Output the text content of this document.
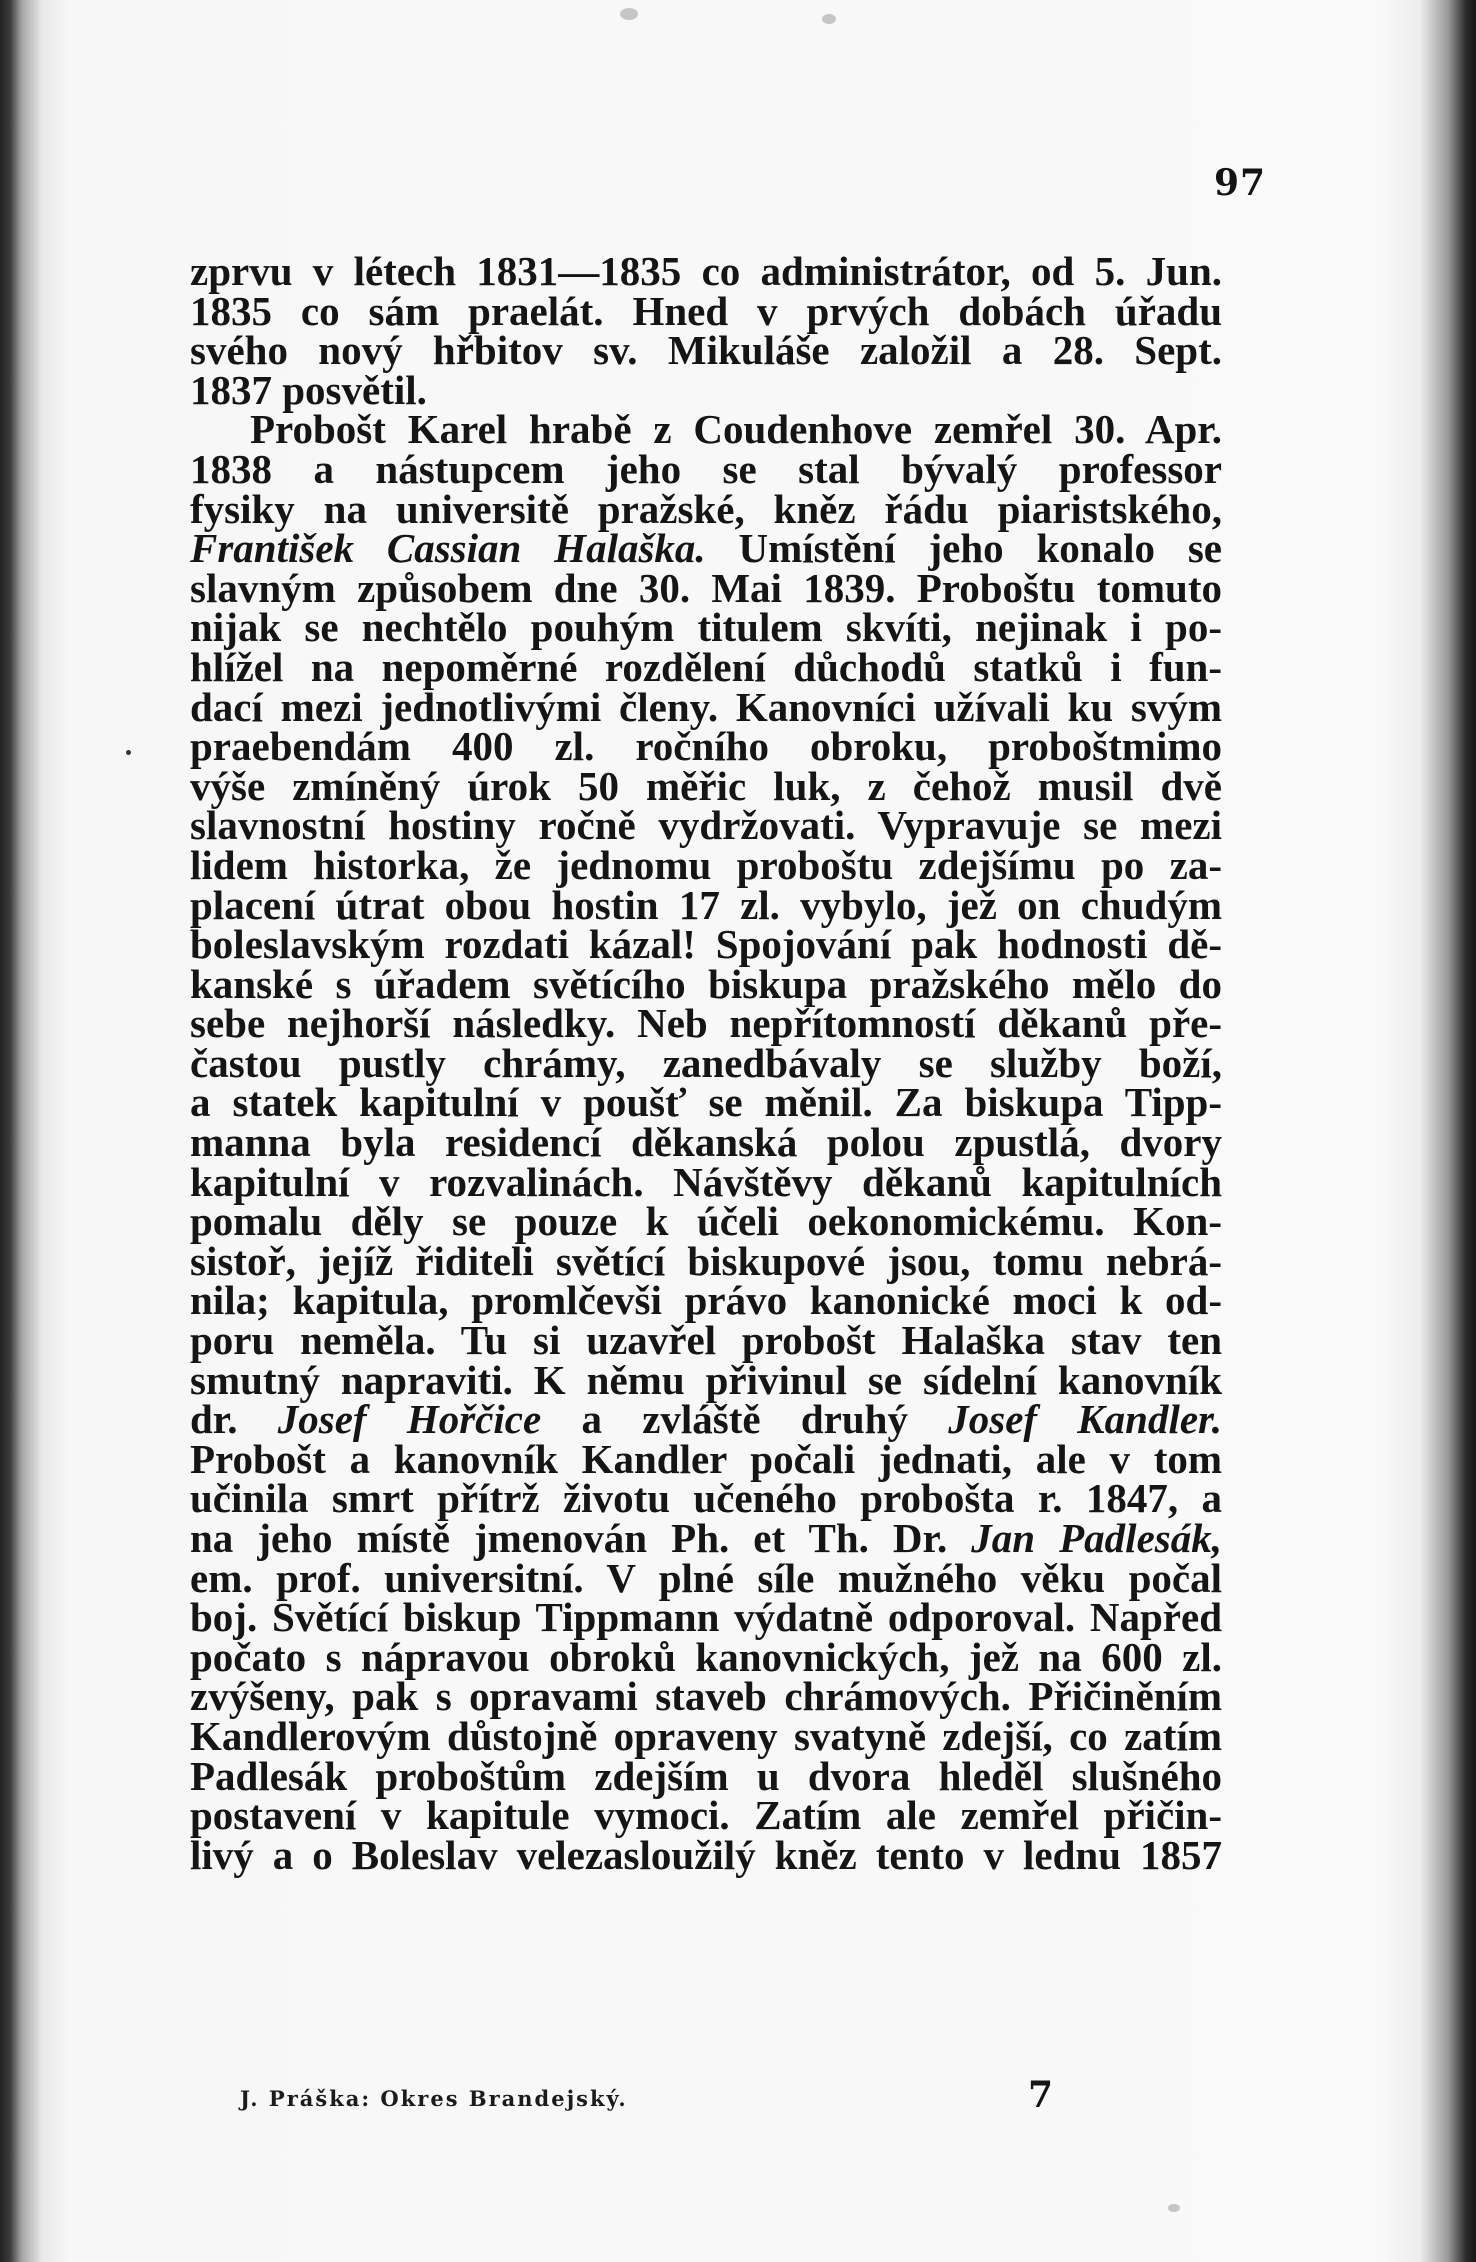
97
zprvu v létech 1831—1835 co administrátor, od 5. Jun.
1835 co sám praelát. Hned v prvých dobách úřadu
svého nový hřbitov sv. Mikuláše založil a 28. Sept.
1837 posvětil.
Probošt Karel hrabě z Coudenhove zemřel 30. Apr.
1838 a nástupcem jeho se stal bývalý professor
fysiky na universitě pražské, kněz řádu piaristského,
František Cassian Halaška. Umístění jeho konalo se
slavným způsobem dne 30. Mai 1839. Proboštu tomuto
nijak se nechtělo pouhým titulem skvíti, nejinak i po-
hlížel na nepoměrné rozdělení důchodů statků i fun-
dací mezi jednotlivými členy. Kanovníci užívali ku svým
praebendám 400 zl. ročního obroku, proboštmimo
výše zmíněný úrok 50 měřic luk, z čehož musil dvě
slavnostní hostiny ročně vydržovati. Vypravuje se mezi
lidem historka, že jednomu proboštu zdejšímu po za-
placení útrat obou hostin 17 zl. vybylo, jež on chudým
boleslavským rozdati kázal! Spojování pak hodnosti dě-
kanské s úřadem světícího biskupa pražského mělo do
sebe nejhorší následky. Neb nepřítomností děkanů pře-
častou pustly chrámy, zanedbávaly se služby boží,
a statek kapitulní v poušť se měnil. Za biskupa Tipp-
manna byla residencí děkanská polou zpustlá, dvory
kapitulní v rozvalinách. Návštěvy děkanů kapitulních
pomalu děly se pouze k účeli oekonomickému. Kon-
sistoř, jejíž řiditeli světící biskupové jsou, tomu nebrá-
nila; kapitula, promlčevši právo kanonické moci k od-
poru neměla. Tu si uzavřel probošt Halaška stav ten
smutný napraviti. K němu přivinul se sídelní kanovník
dr. Josef Hořčice a zvláště druhý Josef Kandler.
Probošt a kanovník Kandler počali jednati, ale v tom
učinila smrt přítrž životu učeného probošta r. 1847, a
na jeho místě jmenován Ph. et Th. Dr. Jan Padlesák,
em. prof. universitní. V plné síle mužného věku počal
boj. Světící biskup Tippmann výdatně odporoval. Napřed
počato s nápravou obroků kanovnických, jež na 600 zl.
zvýšeny, pak s opravami staveb chrámových. Přičiněním
Kandlerovým důstojně opraveny svatyně zdejší, co zatím
Padlesák proboštům zdejším u dvora hleděl slušného
postavení v kapitule vymoci. Zatím ale zemřel přičin-
livý a o Boleslav velezasloužilý kněz tento v lednu 1857
J. Práška: Okres Brandejský.	7
